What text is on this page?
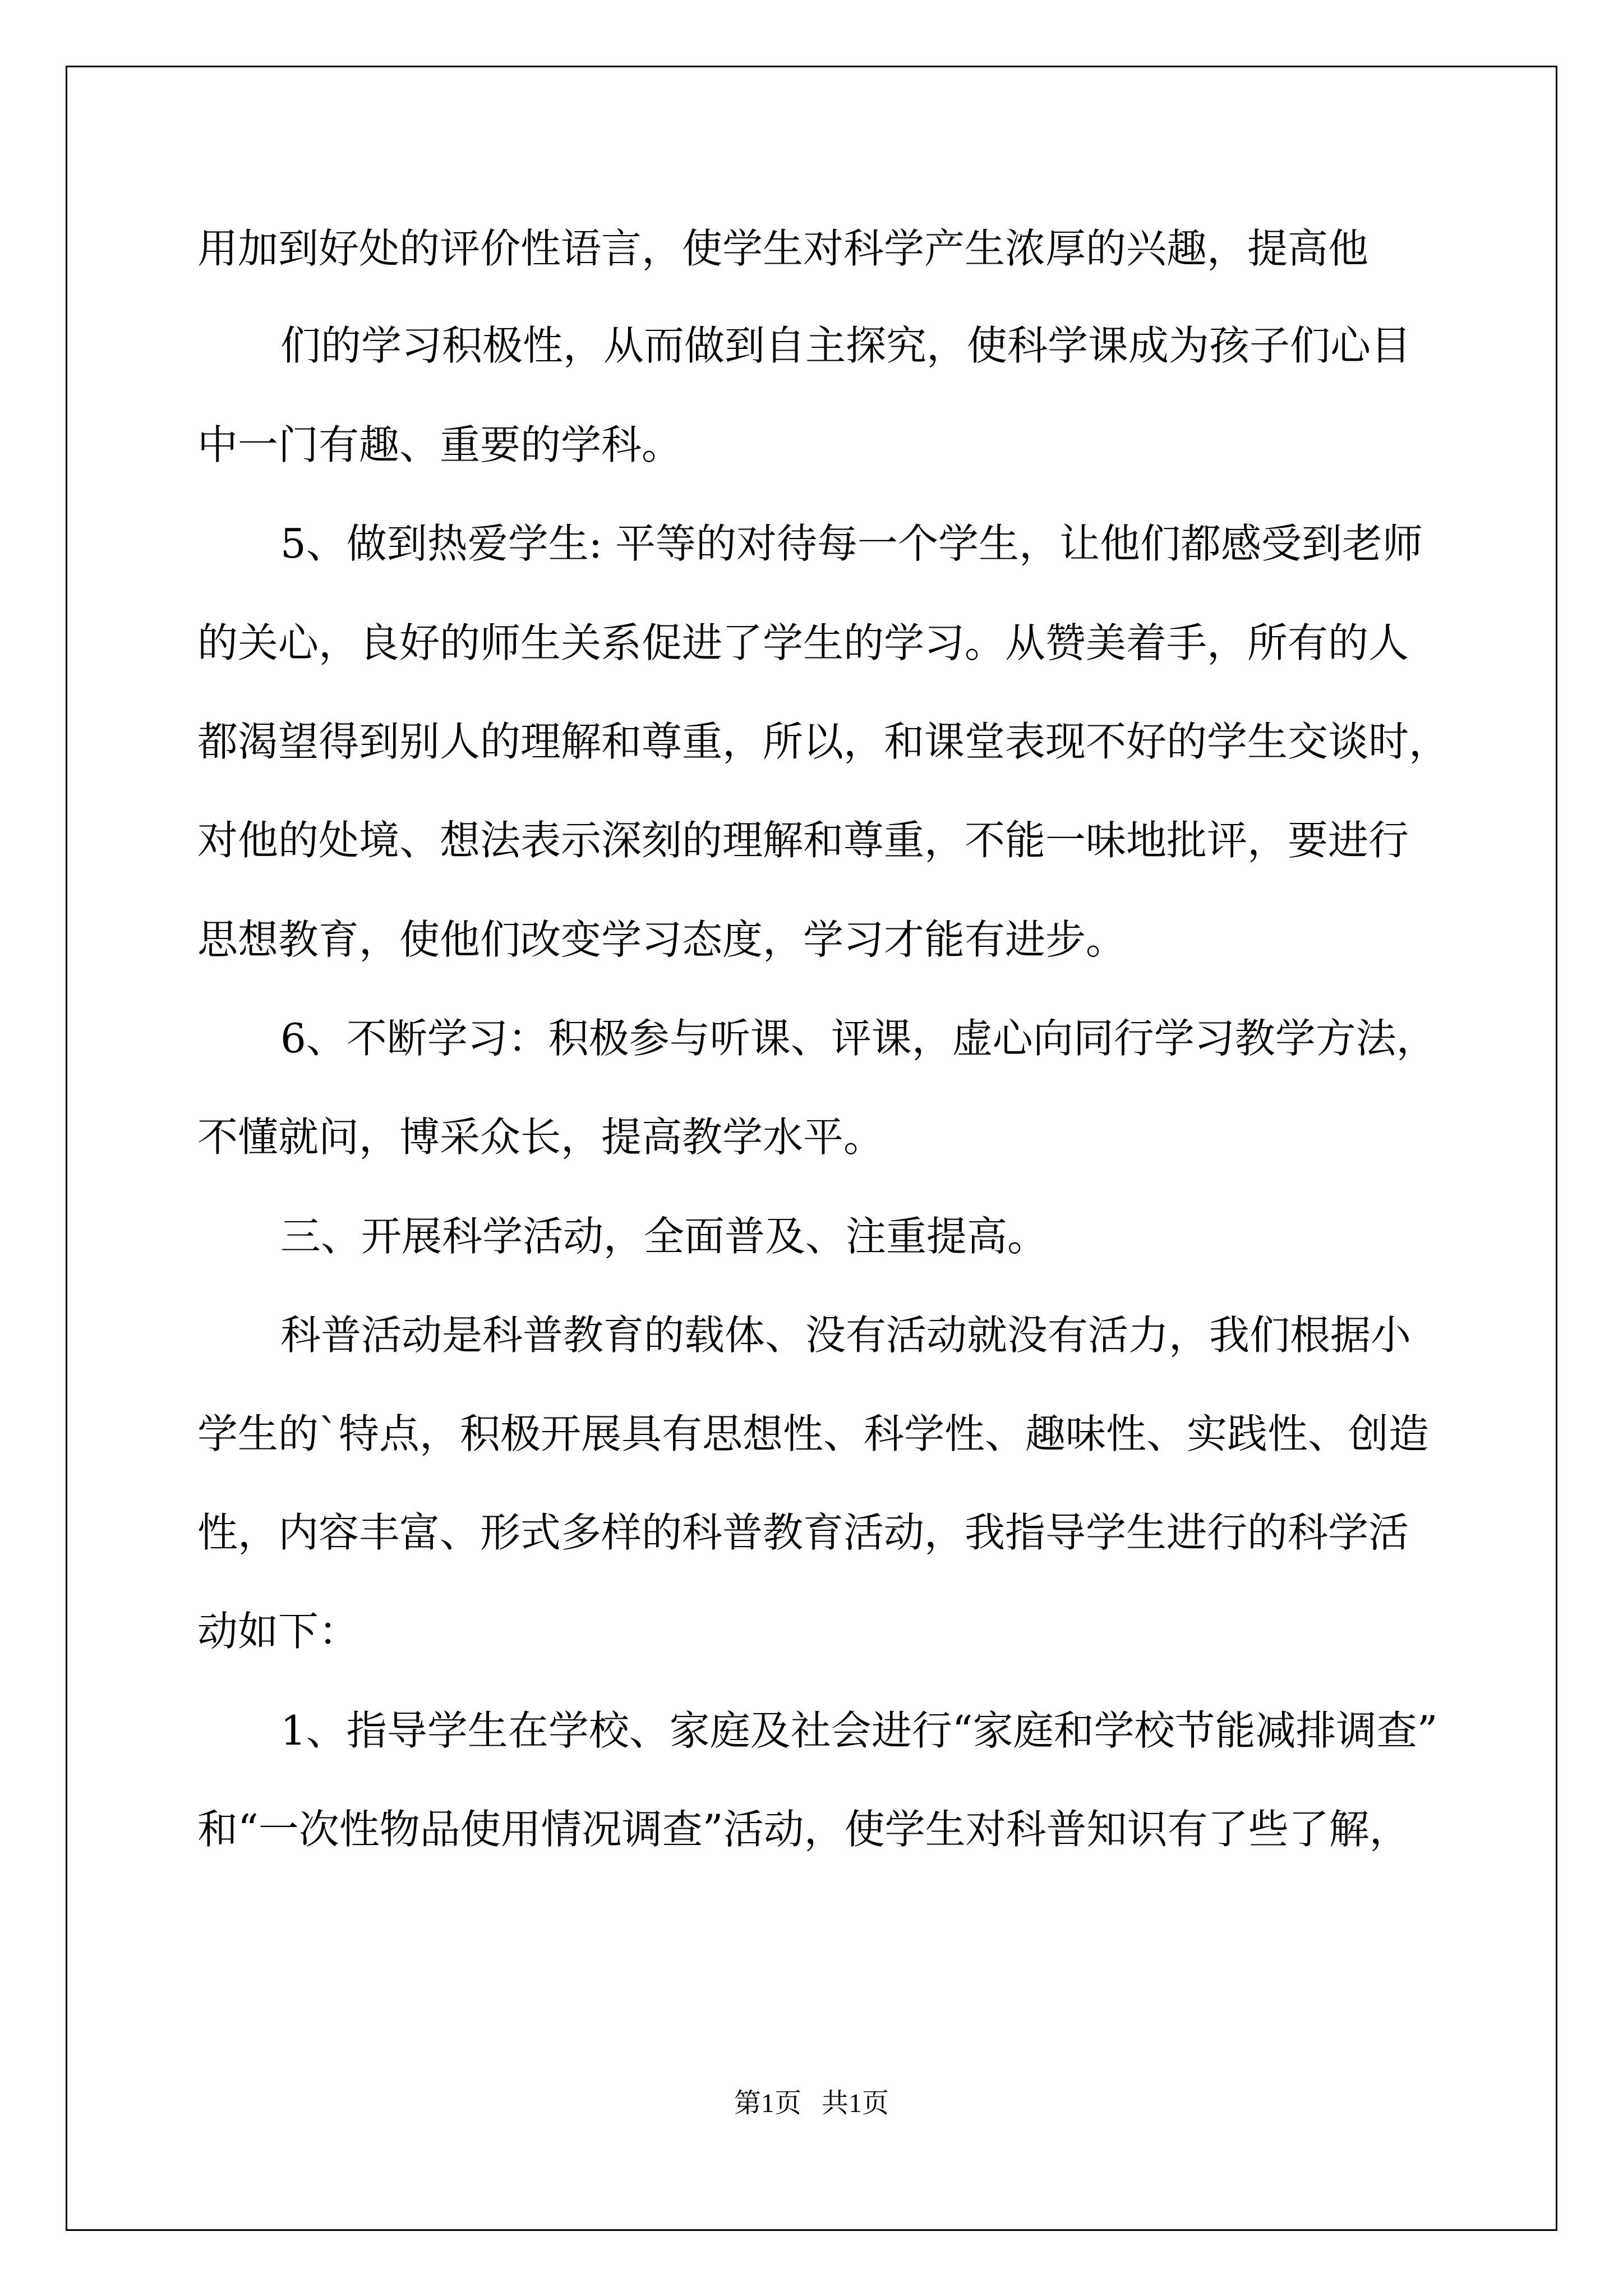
用加到好处的评价性语言，使学生对科学产生浓厚的兴趣，提高他
们的学习积极性，从而做到自主探究，使科学课成为孩子们心目
中一门有趣、重要的学科。
5、做到热爱学生: 平等的对待每一个学生，让他们都感受到老师
的关心，良好的师生关系促进了学生的学习。从赞美着手，所有的人
都渴望得到别人的理解和尊重，所以，和课堂表现不好的学生交谈时，
对他的处境、想法表示深刻的理解和尊重，不能一味地批评，要进行
思想教育，使他们改变学习态度，学习才能有进步。
6、不断学习：积极参与听课、评课，虚心向同行学习教学方法，
不懂就问，博采众长，提高教学水平。
三、开展科学活动，全面普及、注重提高。
科普活动是科普教育的载体、没有活动就没有活力，我们根据小
学生的`特点，积极开展具有思想性、科学性、趣味性、实践性、创造
性，内容丰富、形式多样的科普教育活动，我指导学生进行的科学活
动如下：
1、指导学生在学校、家庭及社会进行“家庭和学校节能减排调查”
和“一次性物品使用情况调查”活动，使学生对科普知识有了些了解，
第1页   共1页
